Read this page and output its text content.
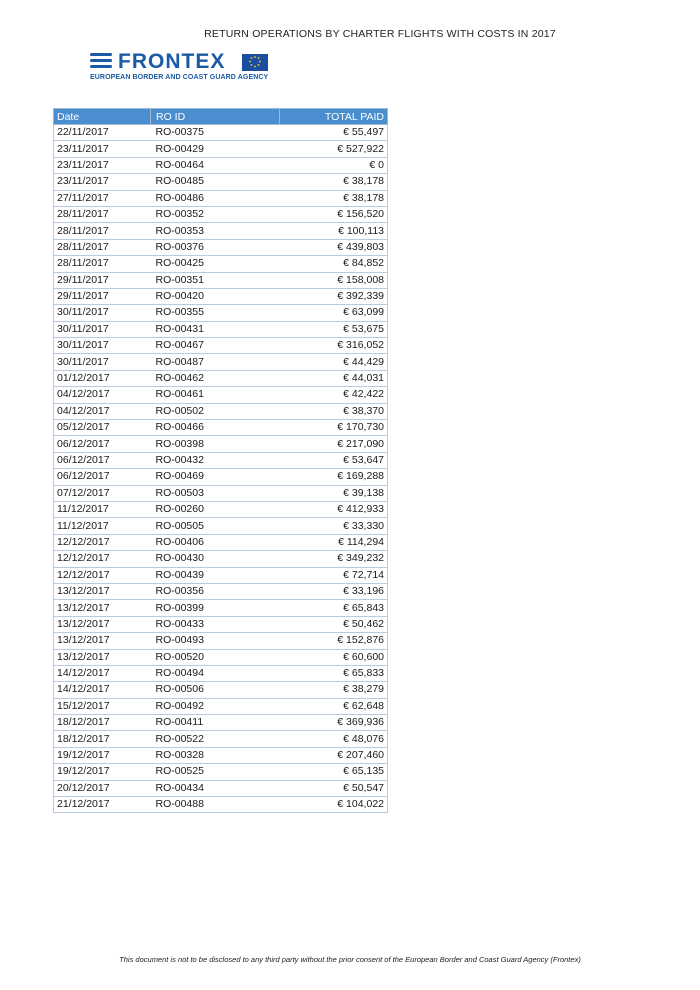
RETURN OPERATIONS BY CHARTER FLIGHTS WITH COSTS IN 2017
FRONTEX
EUROPEAN BORDER AND COAST GUARD AGENCY
Date	RO ID	TOTAL PAID
22/11/2017	RO-00375	€ 55,497
23/11/2017	RO-00429	€ 527,922
23/11/2017	RO-00464	€ 0
23/11/2017	RO-00485	€ 38,178
27/11/2017	RO-00486	€ 38,178
28/11/2017	RO-00352	€ 156,520
28/11/2017	RO-00353	€ 100,113
28/11/2017	RO-00376	€ 439,803
28/11/2017	RO-00425	€ 84,852
29/11/2017	RO-00351	€ 158,008
29/11/2017	RO-00420	€ 392,339
30/11/2017	RO-00355	€ 63,099
30/11/2017	RO-00431	€ 53,675
30/11/2017	RO-00467	€ 316,052
30/11/2017	RO-00487	€ 44,429
01/12/2017	RO-00462	€ 44,031
04/12/2017	RO-00461	€ 42,422
04/12/2017	RO-00502	€ 38,370
05/12/2017	RO-00466	€ 170,730
06/12/2017	RO-00398	€ 217,090
06/12/2017	RO-00432	€ 53,647
06/12/2017	RO-00469	€ 169,288
07/12/2017	RO-00503	€ 39,138
11/12/2017	RO-00260	€ 412,933
11/12/2017	RO-00505	€ 33,330
12/12/2017	RO-00406	€ 114,294
12/12/2017	RO-00430	€ 349,232
12/12/2017	RO-00439	€ 72,714
13/12/2017	RO-00356	€ 33,196
13/12/2017	RO-00399	€ 65,843
13/12/2017	RO-00433	€ 50,462
13/12/2017	RO-00493	€ 152,876
13/12/2017	RO-00520	€ 60,600
14/12/2017	RO-00494	€ 65,833
14/12/2017	RO-00506	€ 38,279
15/12/2017	RO-00492	€ 62,648
18/12/2017	RO-00411	€ 369,936
18/12/2017	RO-00522	€ 48,076
19/12/2017	RO-00328	€ 207,460
19/12/2017	RO-00525	€ 65,135
20/12/2017	RO-00434	€ 50,547
21/12/2017	RO-00488	€ 104,022
This document is not to be disclosed to any third party without the prior consent of the European Border and Coast Guard Agency (Frontex)
